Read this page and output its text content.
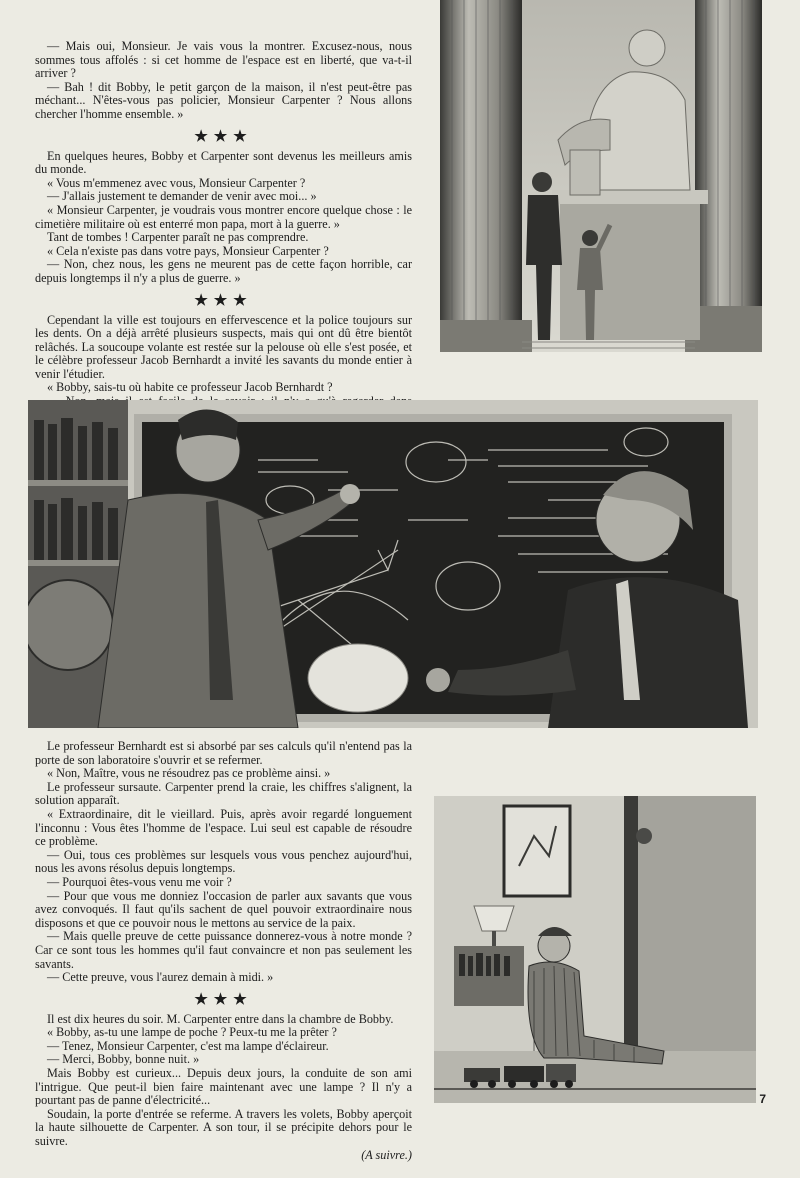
— Mais oui, Monsieur. Je vais vous la montrer. Excusez-nous, nous sommes tous affolés : si cet homme de l'espace est en liberté, que va-t-il arriver ?

— Bah ! dit Bobby, le petit garçon de la maison, il n'est peut-être pas méchant... N'êtes-vous pas policier, Monsieur Carpenter ? Nous allons chercher l'homme ensemble. »

★★★

En quelques heures, Bobby et Carpenter sont devenus les meilleurs amis du monde.

« Vous m'emmenez avec vous, Monsieur Carpenter ?

— J'allais justement te demander de venir avec moi... »

« Monsieur Carpenter, je voudrais vous montrer encore quelque chose : le cimetière militaire où est enterré mon papa, mort à la guerre. »

Tant de tombes ! Carpenter paraît ne pas comprendre.

« Cela n'existe pas dans votre pays, Monsieur Carpenter ?

— Non, chez nous, les gens ne meurent pas de cette façon horrible, car depuis longtemps il n'y a plus de guerre. »

★★★

Cependant la ville est toujours en effervescence et la police toujours sur les dents. On a déjà arrêté plusieurs suspects, mais qui ont dû être bientôt relâchés. La soucoupe volante est restée sur la pelouse où elle s'est posée, et le célèbre professeur Jacob Bernhardt a invité les savants du monde entier à venir l'étudier.

« Bobby, sais-tu où habite ce professeur Jacob Bernhardt ?

Le professeur Bernhardt est si absorbé par ses calculs qu'il n'entend pas la porte de son laboratoire s'ouvrir et se refermer.

« Non, Maître, vous ne résoudrez pas ce problème ainsi. »

Le professeur sursaute. Carpenter prend la craie, les chiffres s'alignent, la solution apparaît.

« Extraordinaire, dit le vieillard. Puis, après avoir regardé longuement l'inconnu : Vous êtes l'homme de l'espace. Lui seul est capable de résoudre ce problème.

— Oui, tous ces problèmes sur lesquels vous vous penchez aujourd'hui, nous les avons résolus depuis longtemps.

— Pourquoi êtes-vous venu me voir ?

— Pour que vous me donniez l'occasion de parler aux savants que vous avez convoqués. Il faut qu'ils sachent de quel pouvoir extraordinaire nous disposons et que ce pouvoir nous le mettons au service de la paix.

— Mais quelle preuve de cette puissance donnerez-vous à notre monde ? Car ce sont tous les hommes qu'il faut convaincre et non pas seulement les savants.

— Cette preuve, vous l'aurez demain à midi. »

★★★

Il est dix heures du soir. M. Carpenter entre dans la chambre de Bobby.

« Bobby, as-tu une lampe de poche ? Peux-tu me la prêter ?

— Tenez, Monsieur Carpenter, c'est ma lampe d'éclaireur.

— Merci, Bobby, bonne nuit. »

Mais Bobby est curieux... Depuis deux jours, la conduite de son ami l'intrigue. Que peut-il bien faire maintenant avec une lampe ? Il n'y a pourtant pas de panne d'électricité...

Soudain, la porte d'entrée se referme. A travers les volets, Bobby aperçoit la haute silhouette de Carpenter. A son tour, il se précipite dehors pour le suivre.

(A suivre.)
7
